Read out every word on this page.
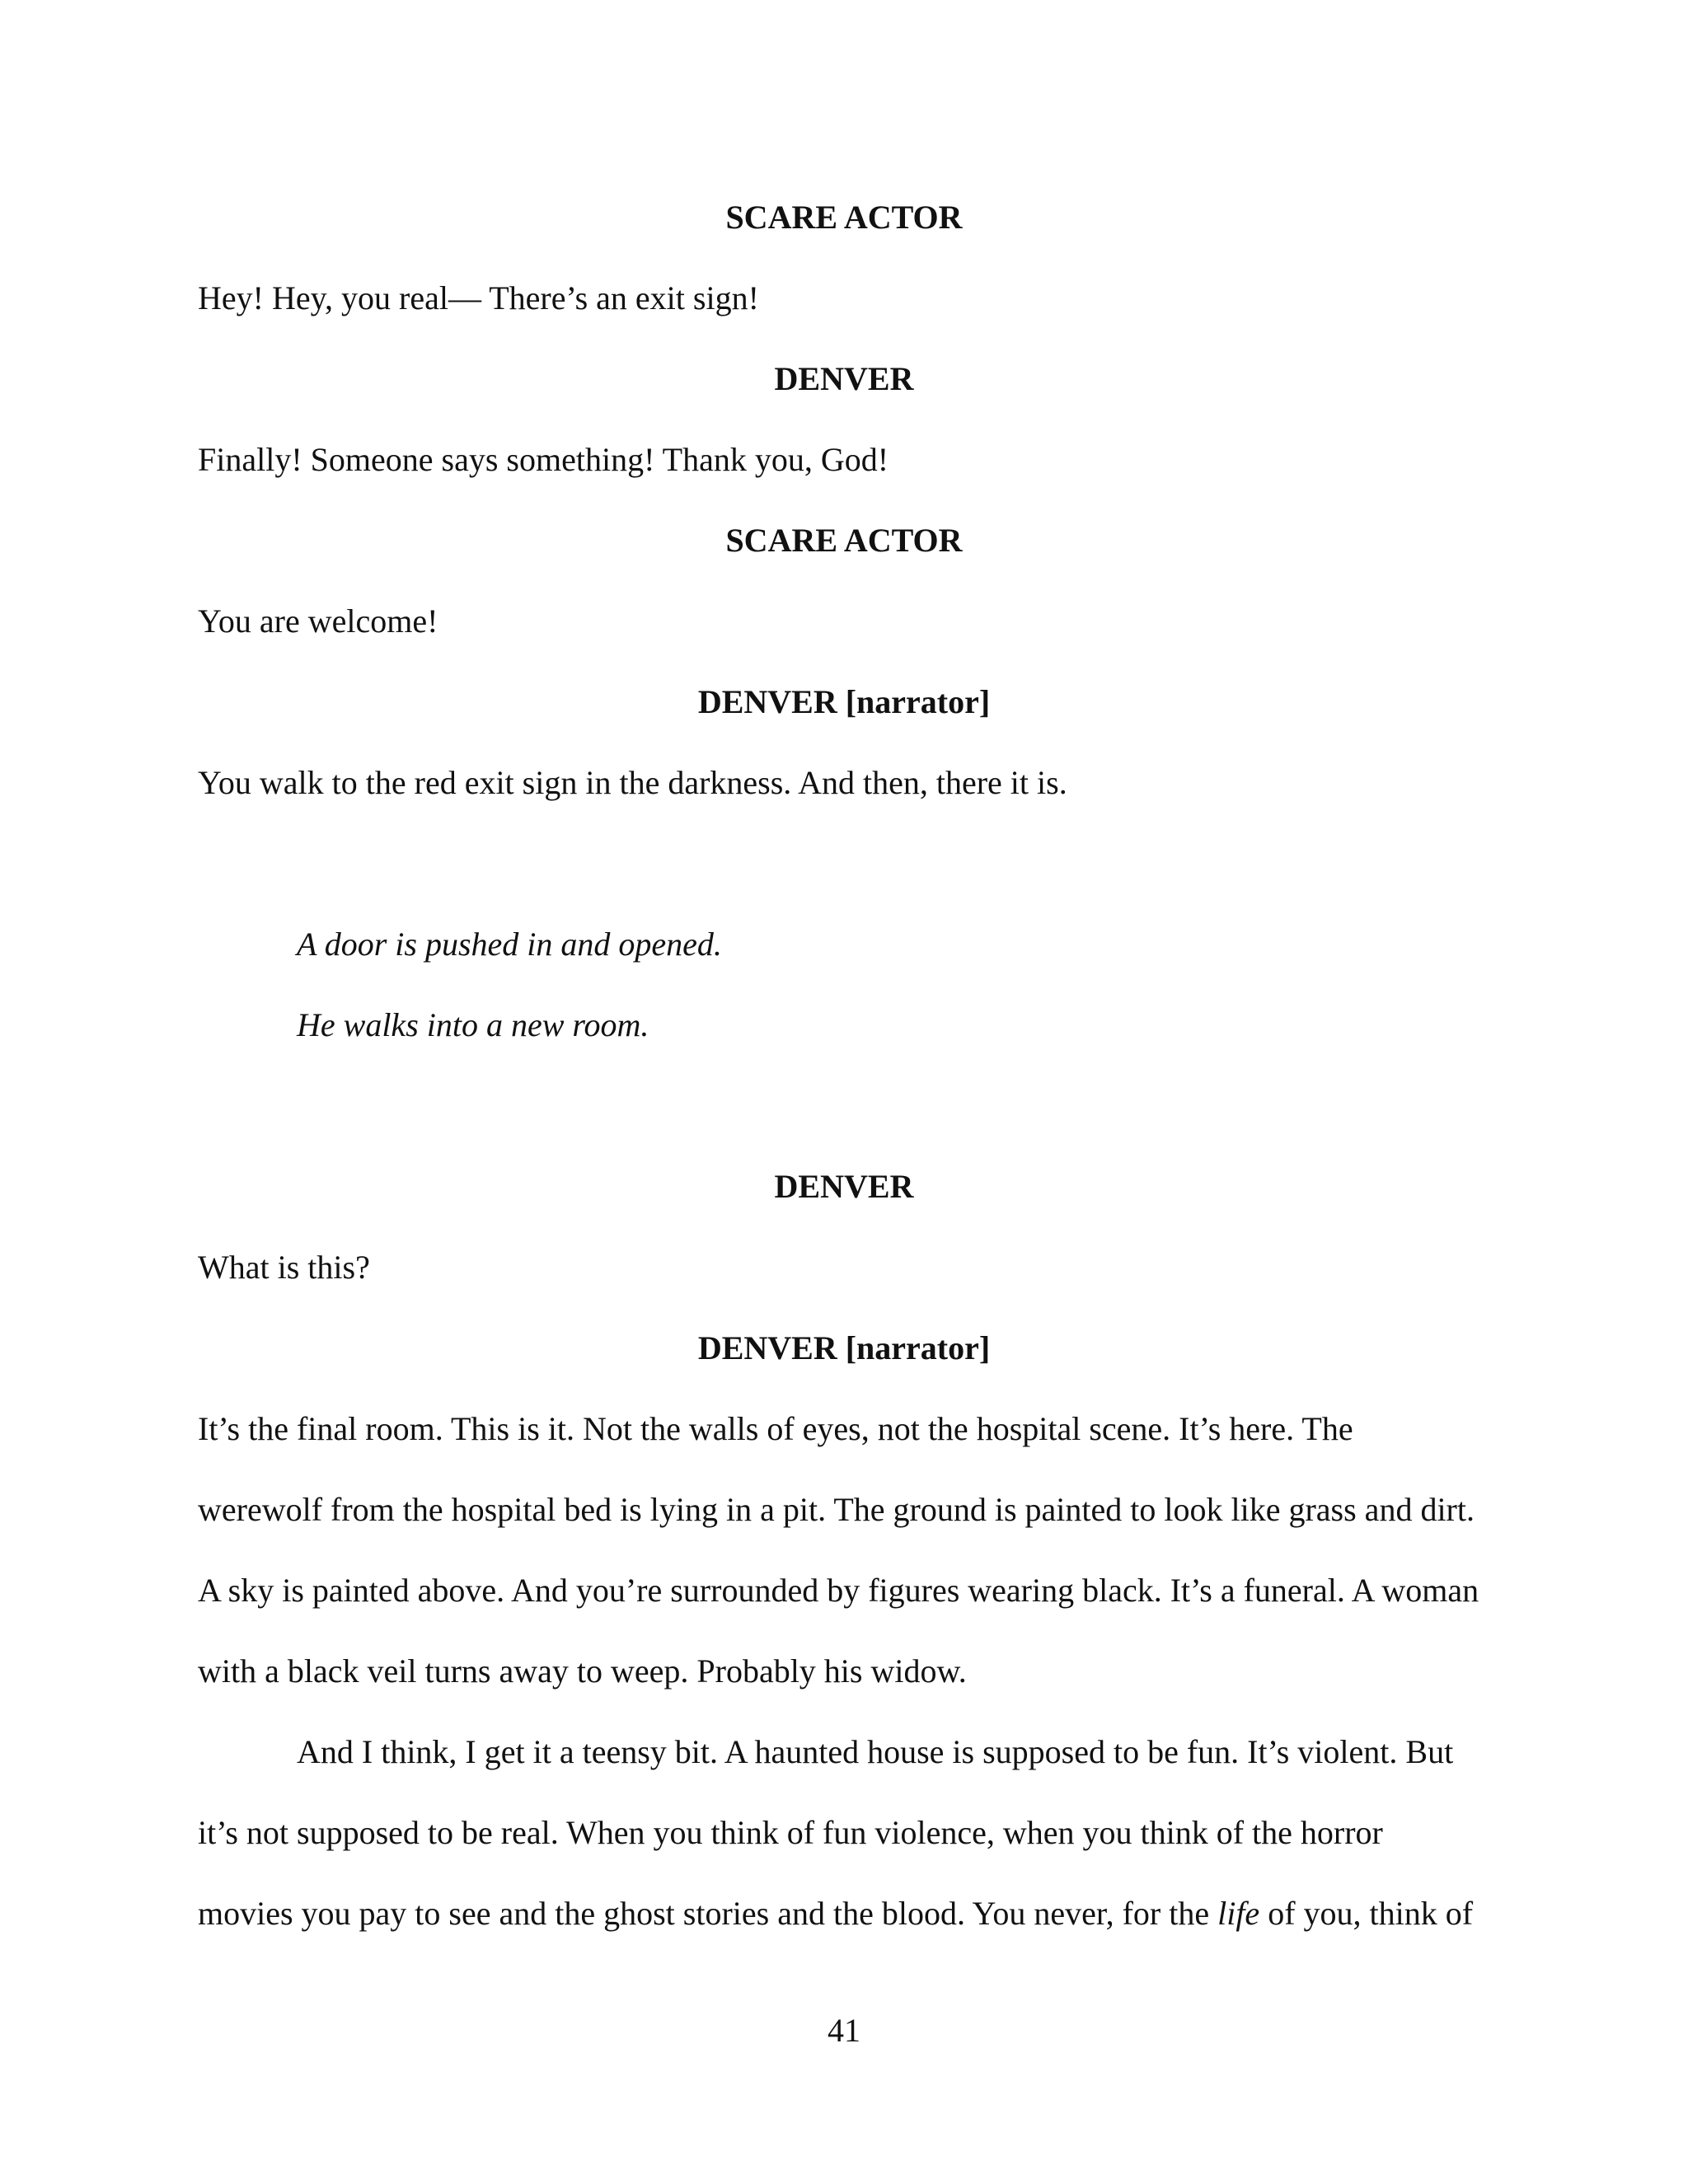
SCARE ACTOR
Hey! Hey, you real— There’s an exit sign!
DENVER
Finally! Someone says something! Thank you, God!
SCARE ACTOR
You are welcome!
DENVER [narrator]
You walk to the red exit sign in the darkness. And then, there it is.
A door is pushed in and opened.
He walks into a new room.
DENVER
What is this?
DENVER [narrator]
It’s the final room. This is it. Not the walls of eyes, not the hospital scene. It’s here. The
werewolf from the hospital bed is lying in a pit. The ground is painted to look like grass and dirt.
A sky is painted above. And you’re surrounded by figures wearing black. It’s a funeral. A woman
with a black veil turns away to weep. Probably his widow.
And I think, I get it a teensy bit. A haunted house is supposed to be fun. It’s violent. But
it’s not supposed to be real. When you think of fun violence, when you think of the horror
movies you pay to see and the ghost stories and the blood. You never, for the life of you, think of
41
